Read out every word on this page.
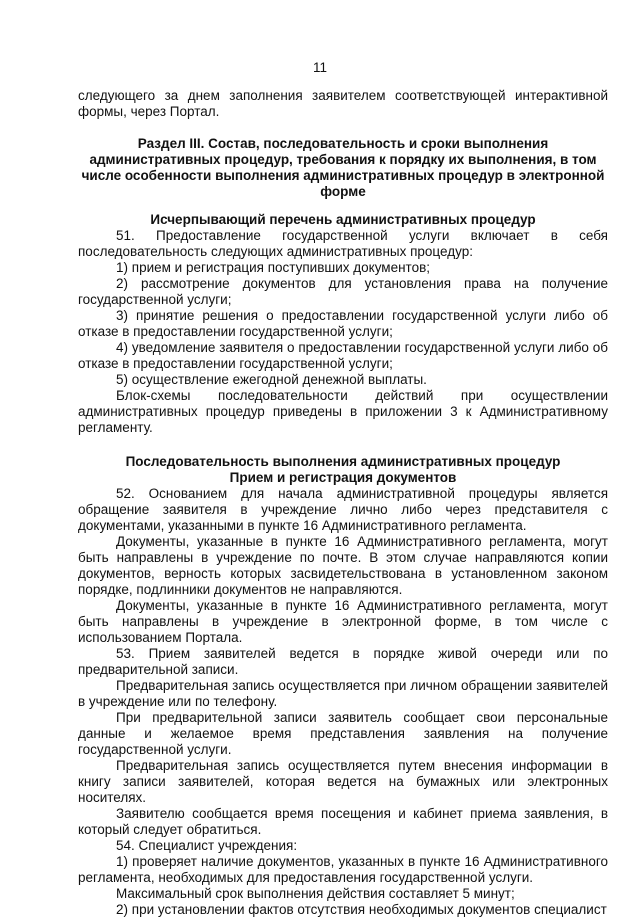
11

следующего за днем заполнения заявителем соответствующей интерактивной формы, через Портал.

Раздел III. Состав, последовательность и сроки выполнения административных процедур, требования к порядку их выполнения, в том числе особенности выполнения административных процедур в электронной форме

Исчерпывающий перечень административных процедур

51. Предоставление государственной услуги включает в себя последовательность следующих административных процедур:

1) прием и регистрация поступивших документов;

2) рассмотрение документов для установления права на получение государственной услуги;

3) принятие решения о предоставлении государственной услуги либо об отказе в предоставлении государственной услуги;

4) уведомление заявителя о предоставлении государственной услуги либо об отказе в предоставлении государственной услуги;

5) осуществление ежегодной денежной выплаты.

Блок-схемы последовательности действий при осуществлении административных процедур приведены в приложении 3 к Административному регламенту.

Последовательность выполнения административных процедур

Прием и регистрация документов

52. Основанием для начала административной процедуры является обращение заявителя в учреждение лично либо через представителя с документами, указанными в пункте 16 Административного регламента.

Документы, указанные в пункте 16 Административного регламента, могут быть направлены в учреждение по почте. В этом случае направляются копии документов, верность которых засвидетельствована в установленном законом порядке, подлинники документов не направляются.

Документы, указанные в пункте 16 Административного регламента, могут быть направлены в учреждение в электронной форме, в том числе с использованием Портала.

53. Прием заявителей ведется в порядке живой очереди или по предварительной записи.

Предварительная запись осуществляется при личном обращении заявителей в учреждение или по телефону.

При предварительной записи заявитель сообщает свои персональные данные и желаемое время представления заявления на получение государственной услуги.

Предварительная запись осуществляется путем внесения информации в книгу записи заявителей, которая ведется на бумажных или электронных носителях.

Заявителю сообщается время посещения и кабинет приема заявления, в который следует обратиться.

54. Специалист учреждения:

1) проверяет наличие документов, указанных в пункте 16 Административного регламента, необходимых для предоставления государственной услуги.

Максимальный срок выполнения действия составляет 5 минут;

2) при установлении фактов отсутствия необходимых документов специалист
